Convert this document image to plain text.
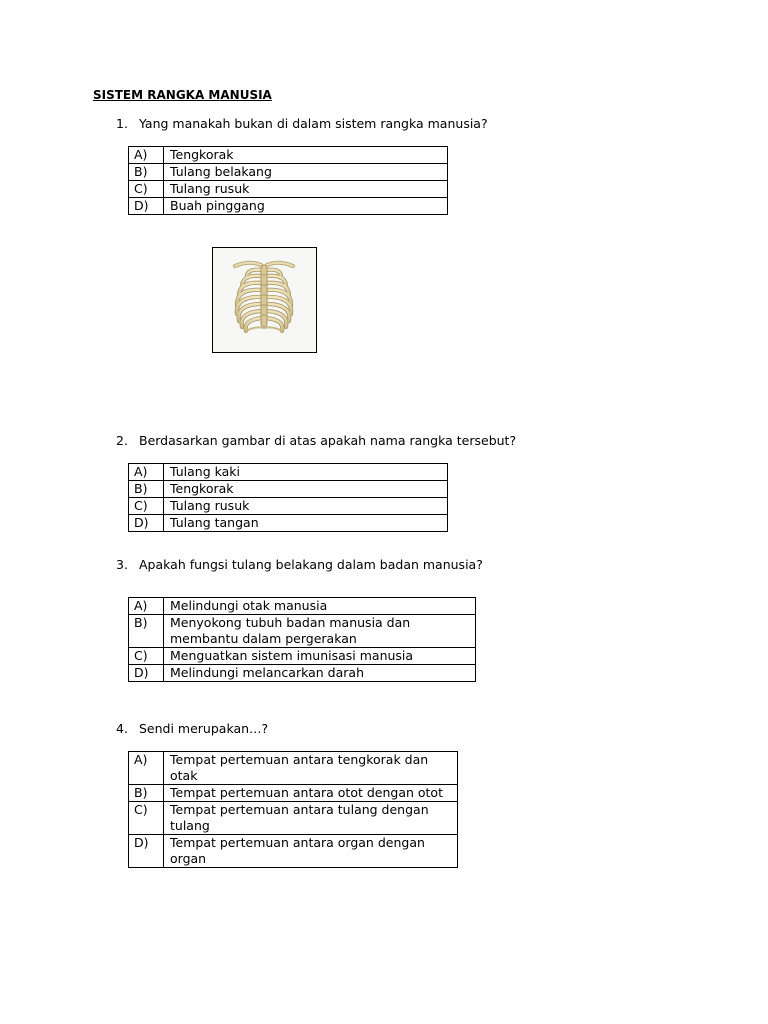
SISTEM RANGKA MANUSIA
1. Yang manakah bukan di dalam sistem rangka manusia?
A)	Tengkorak
B)	Tulang belakang
C)	Tulang rusuk
D)	Buah pinggang
2. Berdasarkan gambar di atas apakah nama rangka tersebut?
A)	Tulang kaki
B)	Tengkorak
C)	Tulang rusuk
D)	Tulang tangan
3. Apakah fungsi tulang belakang dalam badan manusia?
A)	Melindungi otak manusia
B)	Menyokong tubuh badan manusia dan membantu dalam pergerakan
C)	Menguatkan sistem imunisasi manusia
D)	Melindungi melancarkan darah
4. Sendi merupakan…?
A)	Tempat pertemuan antara tengkorak dan otak
B)	Tempat pertemuan antara otot dengan otot
C)	Tempat pertemuan antara tulang dengan tulang
D)	Tempat pertemuan antara organ dengan organ
